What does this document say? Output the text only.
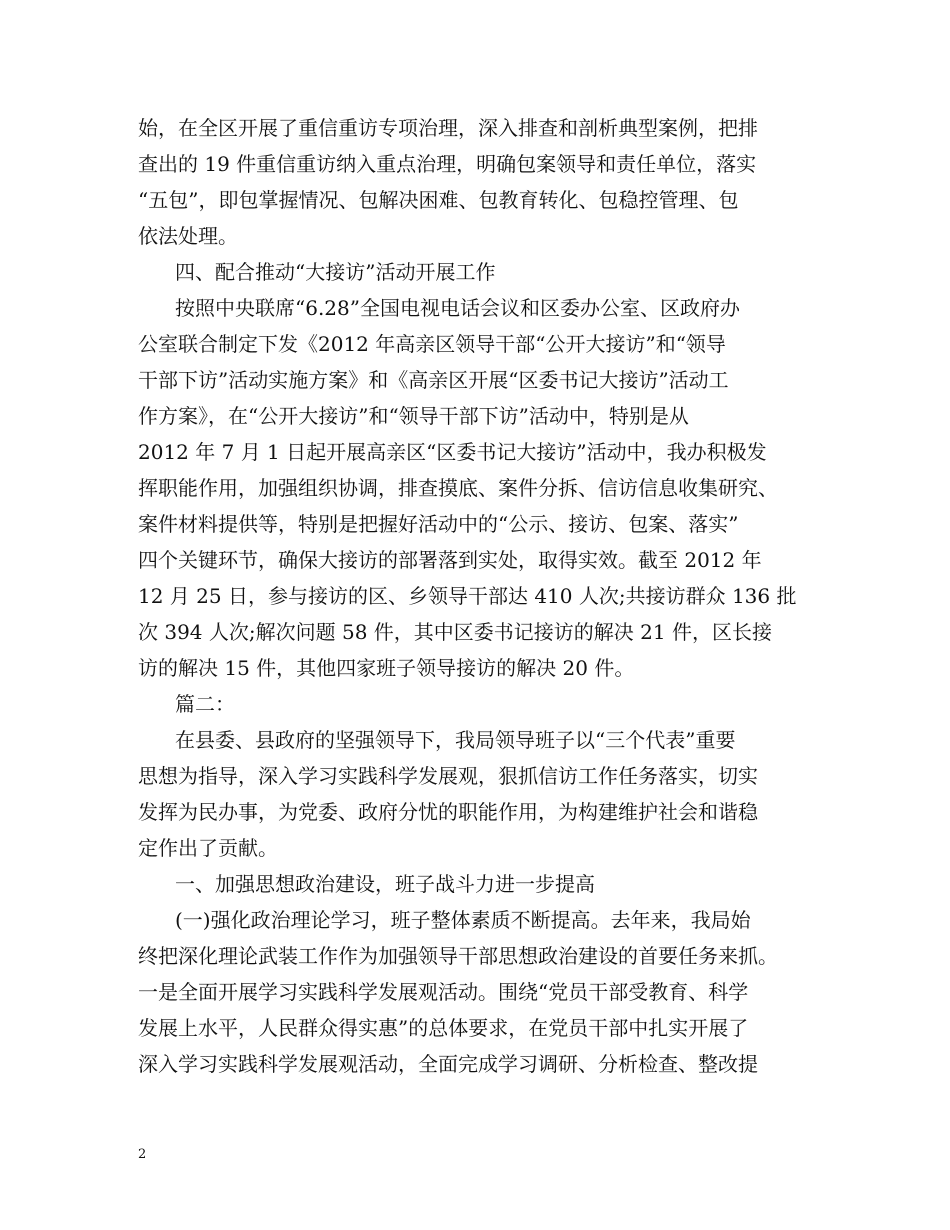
始，在全区开展了重信重访专项治理，深入排查和剖析典型案例，把排
查出的 19 件重信重访纳入重点治理，明确包案领导和责任单位，落实
“五包”，即包掌握情况、包解决困难、包教育转化、包稳控管理、包
依法处理。
四、配合推动“大接访”活动开展工作
按照中央联席“6.28”全国电视电话会议和区委办公室、区政府办
公室联合制定下发《2012 年高亲区领导干部“公开大接访”和“领导
干部下访”活动实施方案》和《高亲区开展“区委书记大接访”活动工
作方案》，在“公开大接访”和“领导干部下访”活动中，特别是从
2012 年 7 月 1 日起开展高亲区“区委书记大接访”活动中，我办积极发
挥职能作用，加强组织协调，排查摸底、案件分拆、信访信息收集研究、
案件材料提供等，特别是把握好活动中的“公示、接访、包案、落实”
四个关键环节，确保大接访的部署落到实处，取得实效。截至 2012 年
12 月 25 日，参与接访的区、乡领导干部达 410 人次;共接访群众 136 批
次 394 人次;解次问题 58 件，其中区委书记接访的解决 21 件，区长接
访的解决 15 件，其他四家班子领导接访的解决 20 件。
篇二：
在县委、县政府的坚强领导下，我局领导班子以“三个代表”重要
思想为指导，深入学习实践科学发展观，狠抓信访工作任务落实，切实
发挥为民办事，为党委、政府分忧的职能作用，为构建维护社会和谐稳
定作出了贡献。
一、加强思想政治建设，班子战斗力进一步提高
(一)强化政治理论学习，班子整体素质不断提高。去年来，我局始
终把深化理论武装工作作为加强领导干部思想政治建设的首要任务来抓。
一是全面开展学习实践科学发展观活动。围绕“党员干部受教育、科学
发展上水平，人民群众得实惠”的总体要求，在党员干部中扎实开展了
深入学习实践科学发展观活动，全面完成学习调研、分析检查、整改提
2
